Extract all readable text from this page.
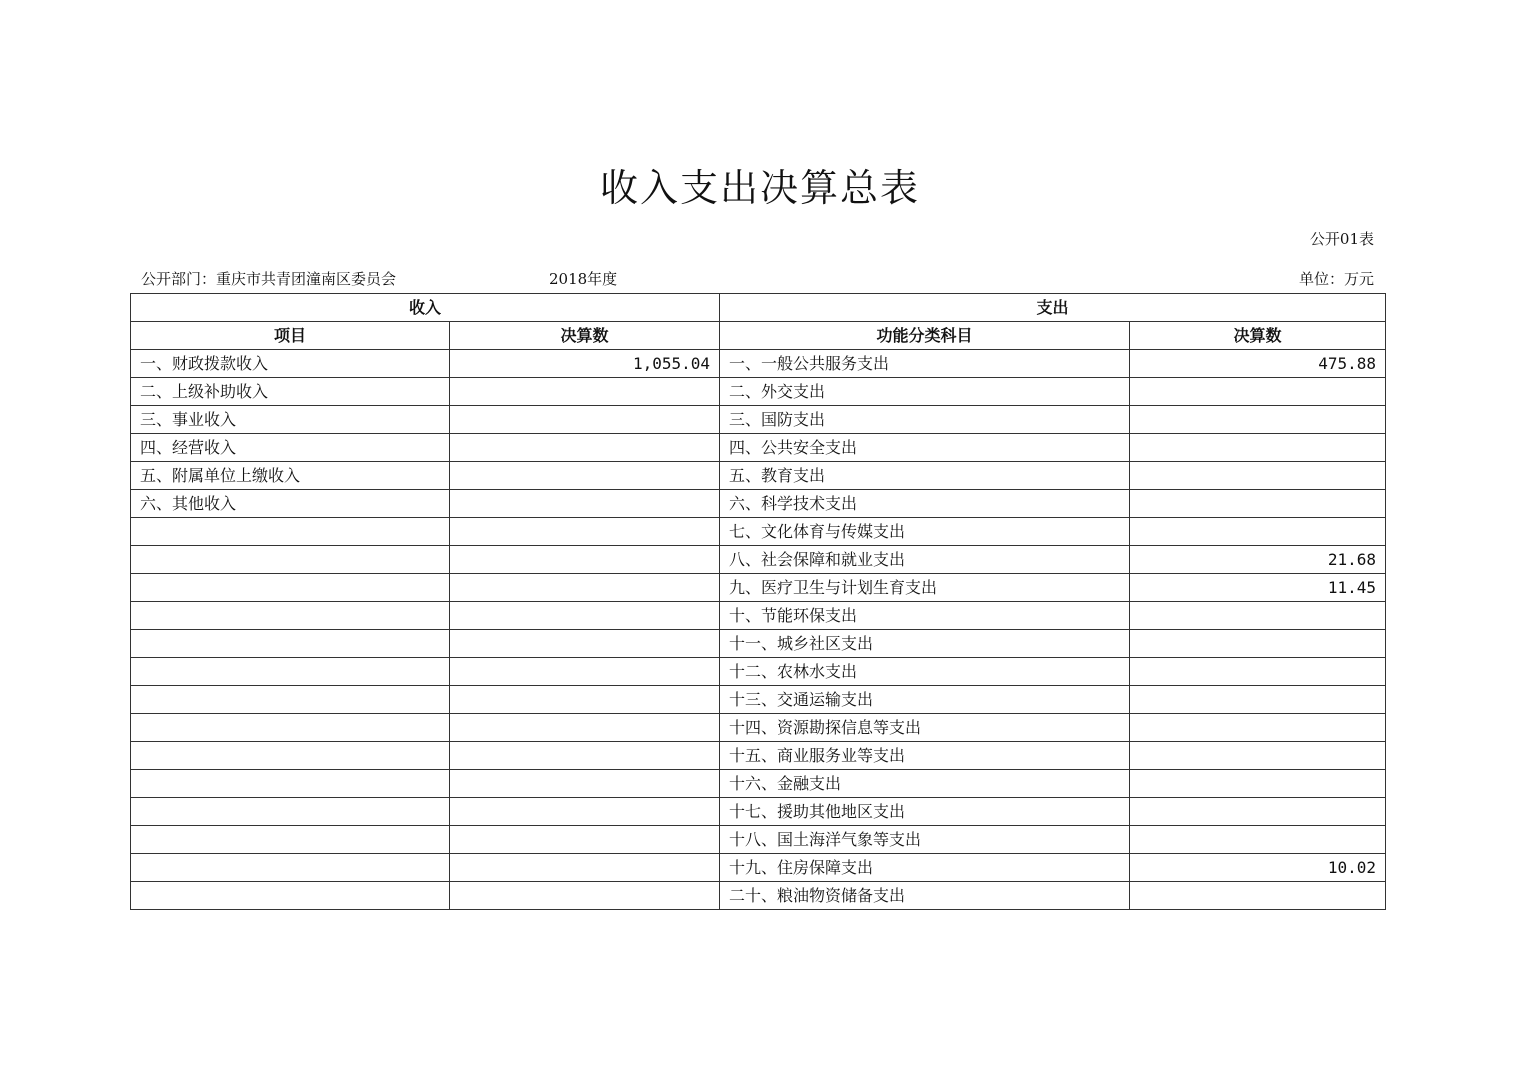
收入支出决算总表
公开01表
公开部门：重庆市共青团潼南区委员会	2018年度	单位：万元
收入		支出	
项目	决算数	功能分类科目	决算数
一、财政拨款收入	1,055.04	一、一般公共服务支出	475.88
二、上级补助收入		二、外交支出	
三、事业收入		三、国防支出	
四、经营收入		四、公共安全支出	
五、附属单位上缴收入		五、教育支出	
六、其他收入		六、科学技术支出	
		七、文化体育与传媒支出	
		八、社会保障和就业支出	21.68
		九、医疗卫生与计划生育支出	11.45
		十、节能环保支出	
		十一、城乡社区支出	
		十二、农林水支出	
		十三、交通运输支出	
		十四、资源勘探信息等支出	
		十五、商业服务业等支出	
		十六、金融支出	
		十七、援助其他地区支出	
		十八、国土海洋气象等支出	
		十九、住房保障支出	10.02
		二十、粮油物资储备支出	
